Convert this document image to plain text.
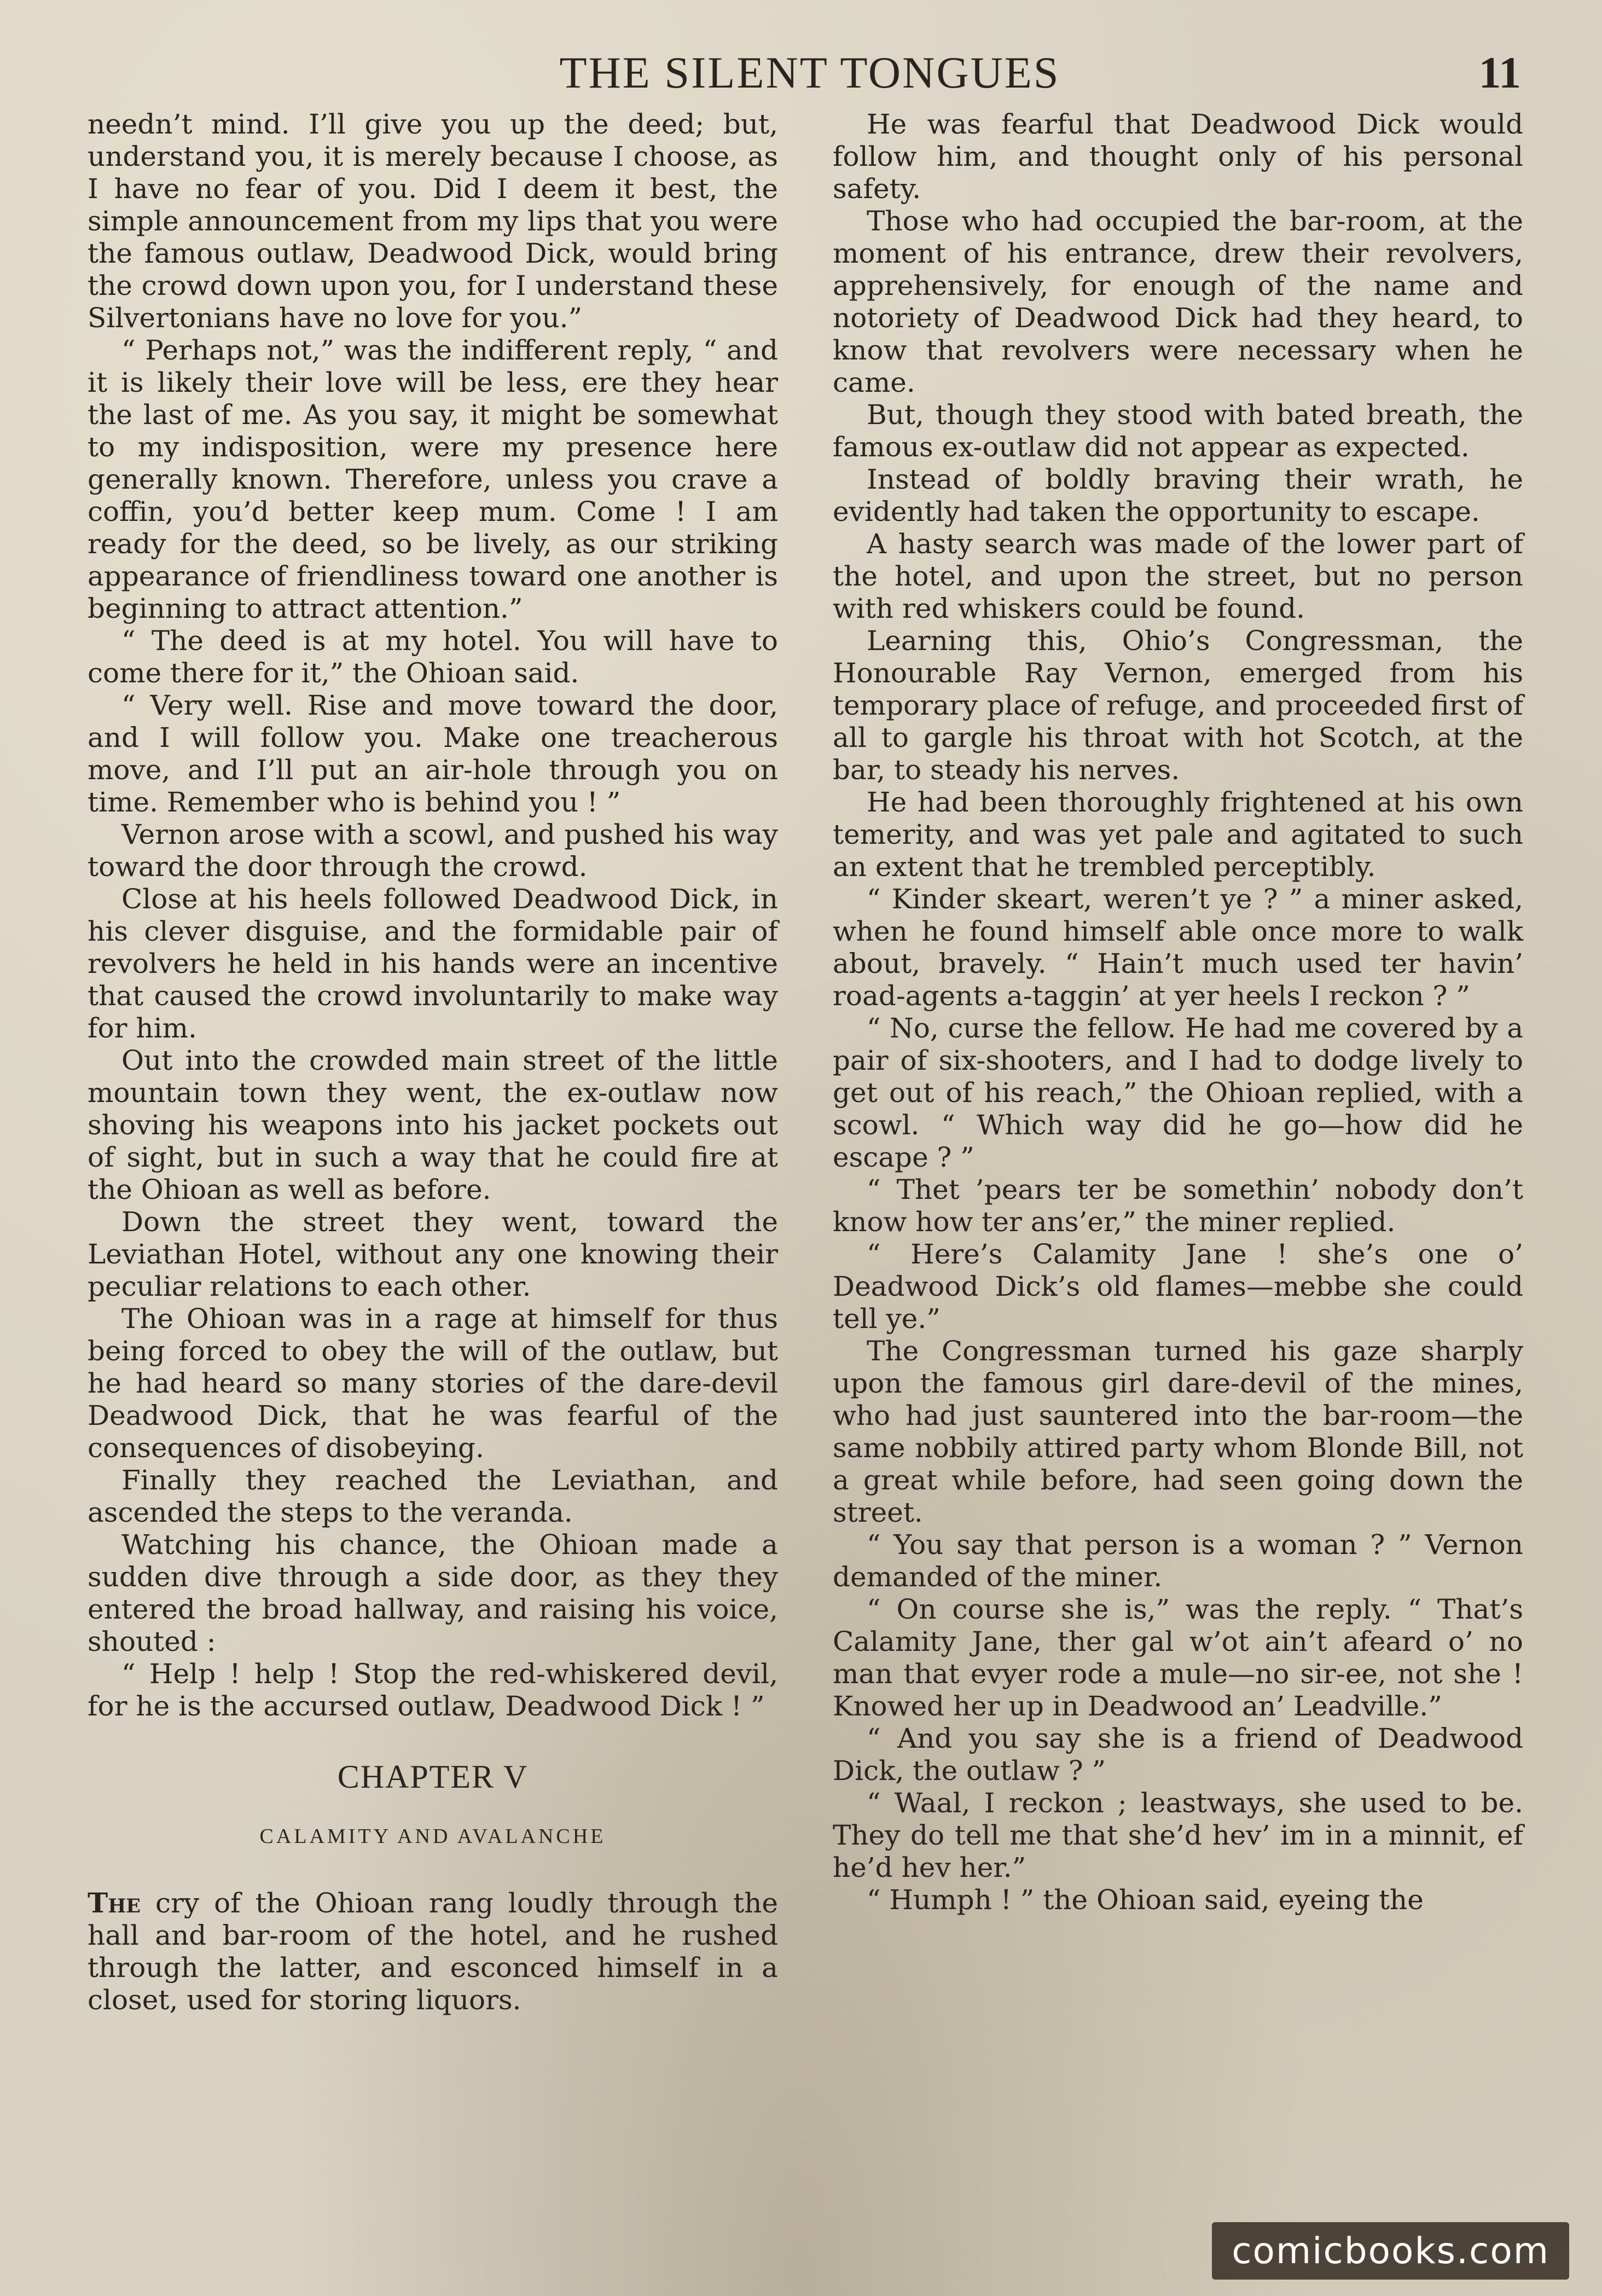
THE SILENT TONGUES	11

needn’t mind. I’ll give you up the deed; but, understand you, it is merely because I choose, as I have no fear of you. Did I deem it best, the simple announcement from my lips that you were the famous outlaw, Deadwood Dick, would bring the crowd down upon you, for I understand these Silvertonians have no love for you.”

“ Perhaps not,” was the indifferent reply, “ and it is likely their love will be less, ere they hear the last of me. As you say, it might be somewhat to my indisposition, were my presence here generally known. Therefore, unless you crave a coffin, you’d better keep mum. Come ! I am ready for the deed, so be lively, as our striking appearance of friendliness toward one another is beginning to attract attention.”

“ The deed is at my hotel. You will have to come there for it,” the Ohioan said.

“ Very well. Rise and move toward the door, and I will follow you. Make one treacherous move, and I’ll put an air-hole through you on time. Remember who is behind you ! ”

Vernon arose with a scowl, and pushed his way toward the door through the crowd.

Close at his heels followed Deadwood Dick, in his clever disguise, and the formidable pair of revolvers he held in his hands were an incentive that caused the crowd involuntarily to make way for him.

Out into the crowded main street of the little mountain town they went, the ex-outlaw now shoving his weapons into his jacket pockets out of sight, but in such a way that he could fire at the Ohioan as well as before.

Down the street they went, toward the Leviathan Hotel, without any one knowing their peculiar relations to each other.

The Ohioan was in a rage at himself for thus being forced to obey the will of the outlaw, but he had heard so many stories of the dare-devil Deadwood Dick, that he was fearful of the consequences of disobeying.

Finally they reached the Leviathan, and ascended the steps to the veranda.

Watching his chance, the Ohioan made a sudden dive through a side door, as they they entered the broad hallway, and raising his voice, shouted :

“ Help ! help ! Stop the red-whiskered devil, for he is the accursed outlaw, Deadwood Dick ! ”

CHAPTER V
CALAMITY AND AVALANCHE

The cry of the Ohioan rang loudly through the hall and bar-room of the hotel, and he rushed through the latter, and esconced himself in a closet, used for storing liquors.

He was fearful that Deadwood Dick would follow him, and thought only of his personal safety.

Those who had occupied the bar-room, at the moment of his entrance, drew their revolvers, apprehensively, for enough of the name and notoriety of Deadwood Dick had they heard, to know that revolvers were necessary when he came.

But, though they stood with bated breath, the famous ex-outlaw did not appear as expected.

Instead of boldly braving their wrath, he evidently had taken the opportunity to escape.

A hasty search was made of the lower part of the hotel, and upon the street, but no person with red whiskers could be found.

Learning this, Ohio’s Congressman, the Honourable Ray Vernon, emerged from his temporary place of refuge, and proceeded first of all to gargle his throat with hot Scotch, at the bar, to steady his nerves.

He had been thoroughly frightened at his own temerity, and was yet pale and agitated to such an extent that he trembled perceptibly.

“ Kinder skeart, weren’t ye ? ” a miner asked, when he found himself able once more to walk about, bravely. “ Hain’t much used ter havin’ road-agents a-taggin’ at yer heels I reckon ? ”

“ No, curse the fellow. He had me covered by a pair of six-shooters, and I had to dodge lively to get out of his reach,” the Ohioan replied, with a scowl. “ Which way did he go—how did he escape ? ”

“ Thet ’pears ter be somethin’ nobody don’t know how ter ans’er,” the miner replied.

“ Here’s Calamity Jane ! she’s one o’ Deadwood Dick’s old flames—mebbe she could tell ye.”

The Congressman turned his gaze sharply upon the famous girl dare-devil of the mines, who had just sauntered into the bar-room—the same nobbily attired party whom Blonde Bill, not a great while before, had seen going down the street.

“ You say that person is a woman ? ” Vernon demanded of the miner.

“ On course she is,” was the reply. “ That’s Calamity Jane, ther gal w’ot ain’t afeard o’ no man that evyer rode a mule—no sir-ee, not she ! Knowed her up in Deadwood an’ Leadville.”

“ And you say she is a friend of Deadwood Dick, the outlaw ? ”

“ Waal, I reckon ; leastways, she used to be. They do tell me that she’d hev’ im in a minnit, ef he’d hev her.”

“ Humph ! ” the Ohioan said, eyeing the

comicbooks.com
